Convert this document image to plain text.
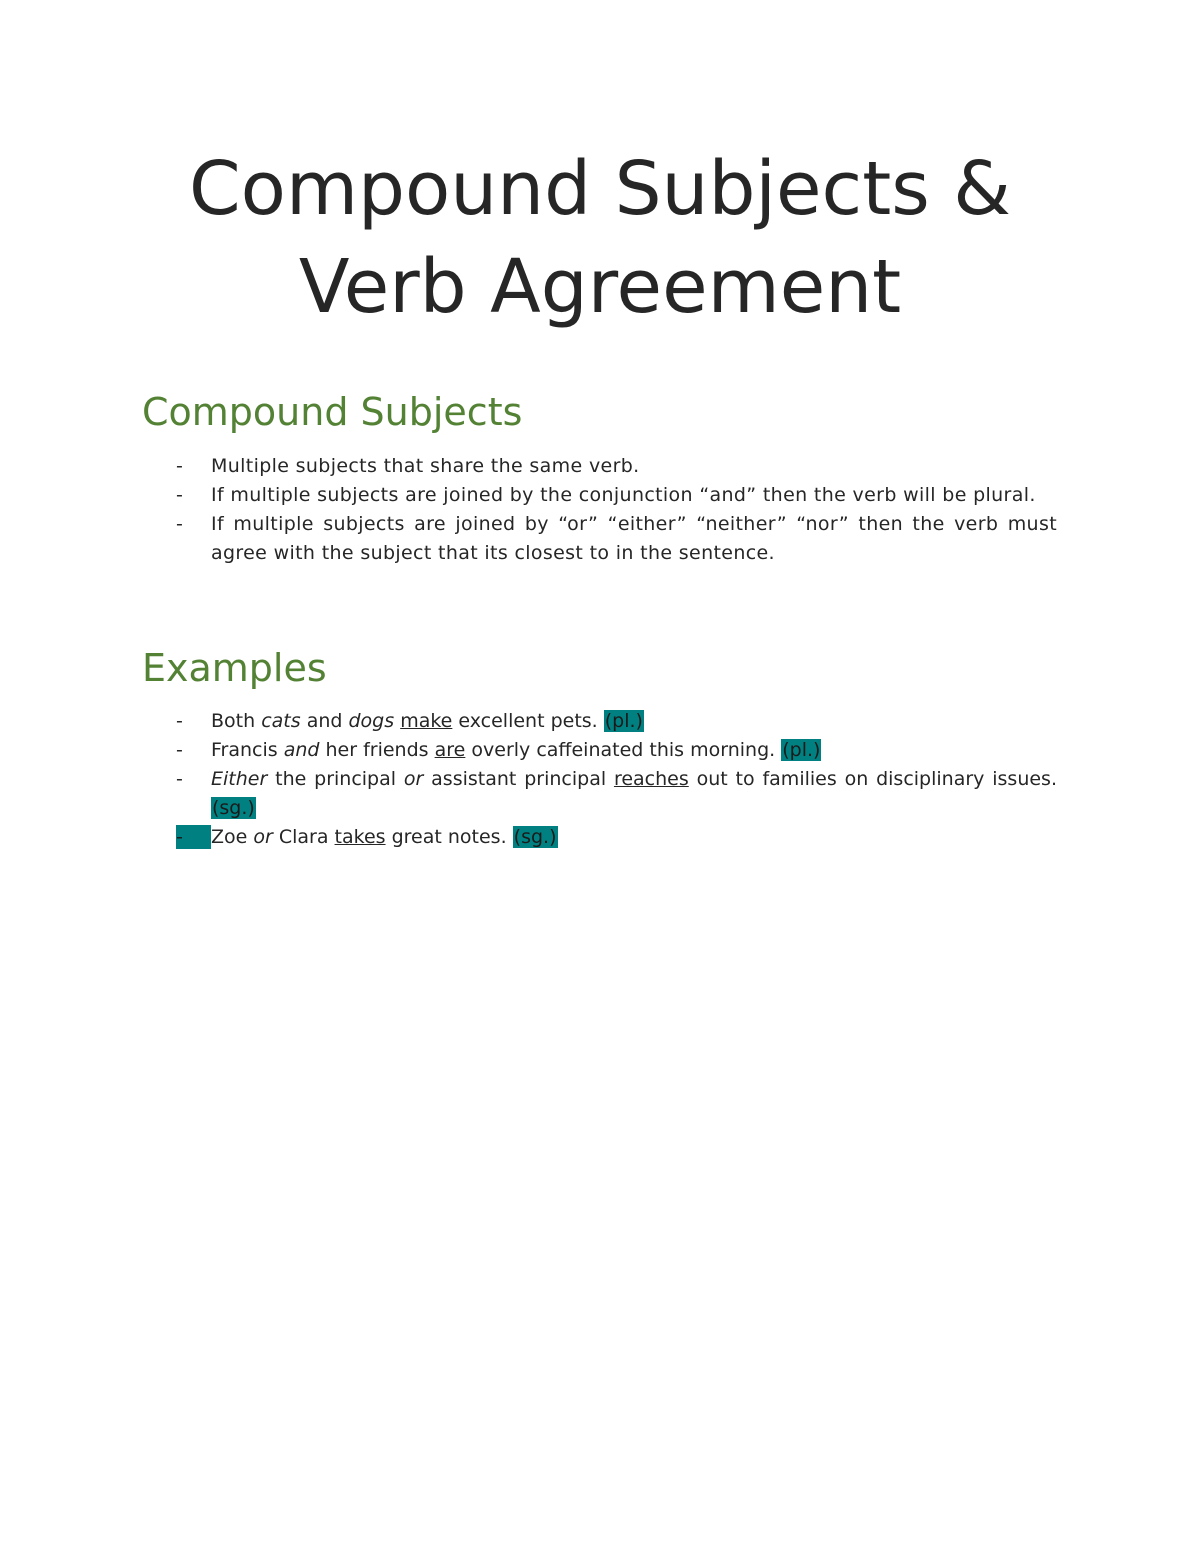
Compound Subjects &
Verb Agreement
Compound Subjects
-	Multiple subjects that share the same verb.
-	If multiple subjects are joined by the conjunction “and” then the verb will be plural.
-	If multiple subjects are joined by “or” “either” “neither” “nor” then the verb must agree with the subject that its closest to in the sentence.
Examples
-	Both cats and dogs make excellent pets. (pl.)
-	Francis and her friends are overly caffeinated this morning. (pl.)
-	Either the principal or assistant principal reaches out to families on disciplinary issues. (sg.)
-	Zoe or Clara takes great notes. (sg.)
